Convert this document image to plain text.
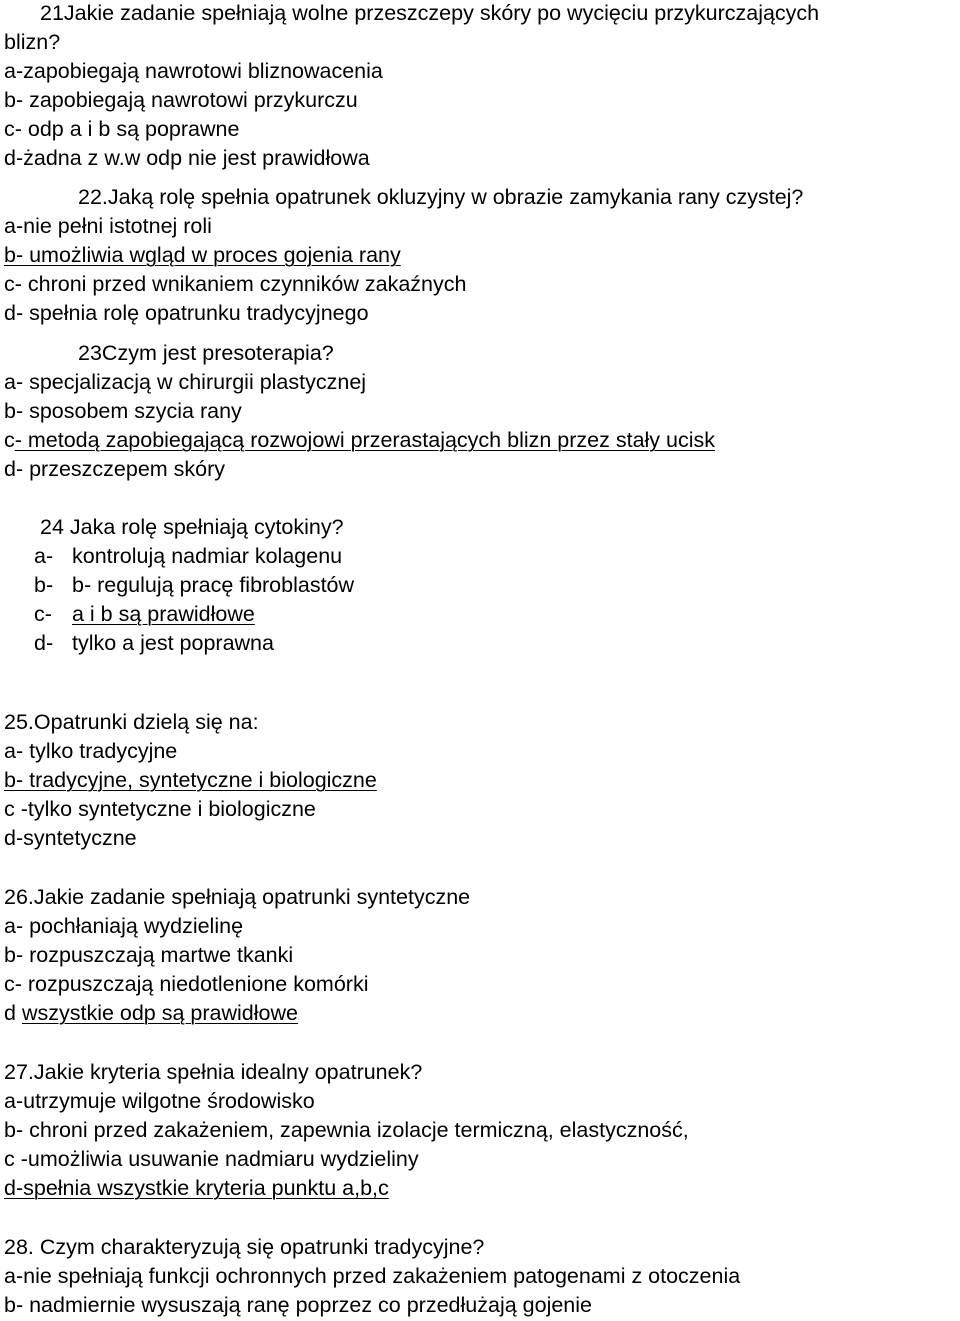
21Jakie zadanie spełniają wolne przeszczepy skóry po wycięciu przykurczających
blizn?
a-zapobiegają nawrotowi bliznowacenia
b- zapobiegają nawrotowi przykurczu
c- odp a i b są poprawne
d-żadna z w.w odp nie jest prawidłowa
22.Jaką rolę spełnia opatrunek okluzyjny w obrazie zamykania rany czystej?
a-nie pełni istotnej roli
b- umożliwia wgląd w proces gojenia rany
c- chroni przed wnikaniem czynników zakaźnych
d- spełnia rolę opatrunku tradycyjnego
23Czym jest presoterapia?
a- specjalizacją w chirurgii plastycznej
b- sposobem szycia rany
c- metodą zapobiegającą rozwojowi przerastających blizn przez stały ucisk
d- przeszczepem skóry
24 Jaka rolę spełniają cytokiny?
a- kontrolują nadmiar kolagenu
b- b- regulują pracę fibroblastów
c- a i b są prawidłowe
d- tylko a jest poprawna
25.Opatrunki dzielą się na:
a- tylko tradycyjne
b- tradycyjne, syntetyczne i biologiczne
c -tylko syntetyczne i biologiczne
d-syntetyczne
26.Jakie zadanie spełniają opatrunki syntetyczne
a- pochłaniają wydzielinę
b- rozpuszczają martwe tkanki
c- rozpuszczają niedotlenione komórki
d wszystkie odp są prawidłowe
27.Jakie kryteria spełnia idealny opatrunek?
a-utrzymuje wilgotne środowisko
b- chroni przed zakażeniem, zapewnia izolacje termiczną, elastyczność,
c -umożliwia usuwanie nadmiaru wydzieliny
d-spełnia wszystkie kryteria punktu a,b,c
28. Czym charakteryzują się opatrunki tradycyjne?
a-nie spełniają funkcji ochronnych przed zakażeniem patogenami z otoczenia
b- nadmiernie wysuszają ranę poprzez co przedłużają gojenie
